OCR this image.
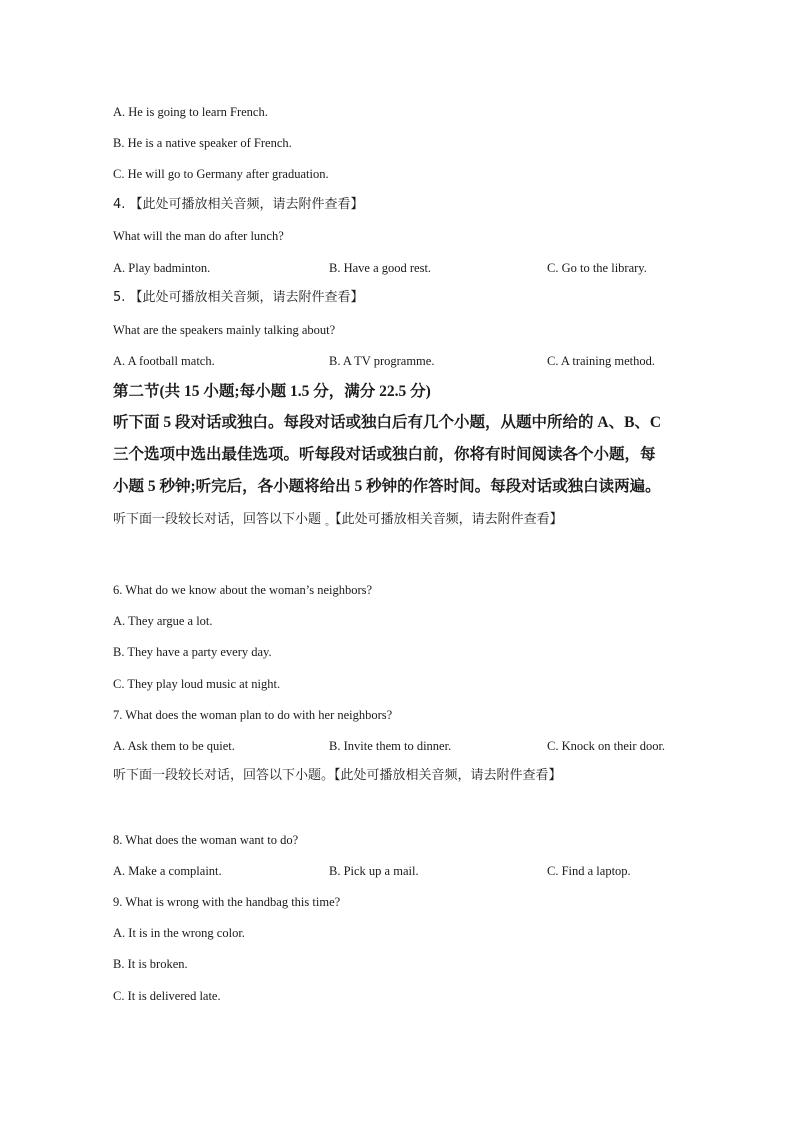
A. He is going to learn French.
B. He is a native speaker of French.
C. He will go to Germany after graduation.
4. 【此处可播放相关音频，请去附件查看】
What will the man do after lunch?
A. Play badminton.	B. Have a good rest.	C. Go to the library.
5. 【此处可播放相关音频，请去附件查看】
What are the speakers mainly talking about?
A. A football match.	B. A TV programme.	C. A training method.
第二节(共 15 小题;每小题 1.5 分，满分 22.5 分)
听下面 5 段对话或独白。每段对话或独白后有几个小题，从题中所给的 A、B、C
三个选项中选出最佳选项。听每段对话或独白前，你将有时间阅读各个小题，每
小题 5 秒钟;听完后，各小题将给出 5 秒钟的作答时间。每段对话或独白读两遍。
听下面一段较长对话，回答以下小题 。【此处可播放相关音频，请去附件查看】
6. What do we know about the woman’s neighbors?
A. They argue a lot.
B. They have a party every day.
C. They play loud music at night.
7. What does the woman plan to do with her neighbors?
A. Ask them to be quiet.	B. Invite them to dinner.	C. Knock on their door.
听下面一段较长对话，回答以下小题。【此处可播放相关音频，请去附件查看】
8. What does the woman want to do?
A. Make a complaint.	B. Pick up a mail.	C. Find a laptop.
9. What is wrong with the handbag this time?
A. It is in the wrong color.
B. It is broken.
C. It is delivered late.
